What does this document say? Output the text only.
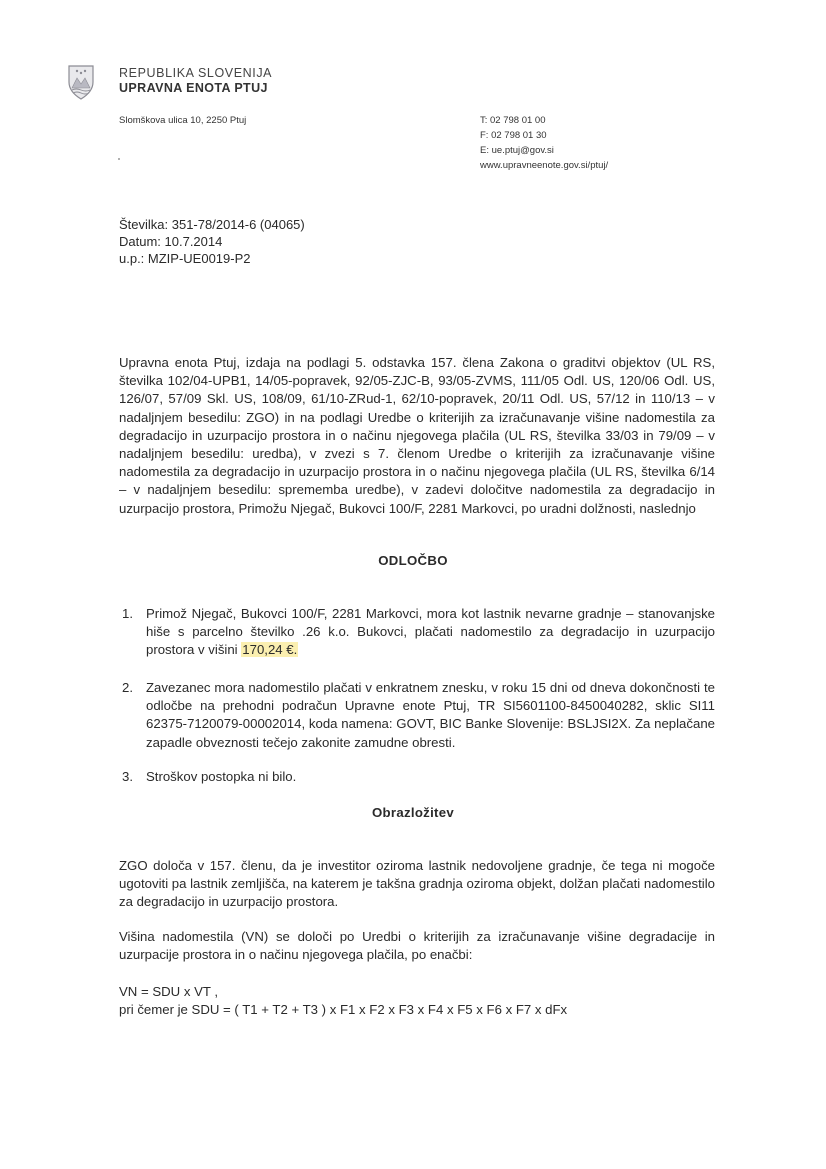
REPUBLIKA SLOVENIJA
UPRAVNA ENOTA PTUJ
Slomškova ulica 10, 2250 Ptuj	T: 02 798 01 00
F: 02 798 01 30
E: ue.ptuj@gov.si
www.upravneenote.gov.si/ptuj/
Številka: 351-78/2014-6 (04065)
Datum: 10.7.2014
u.p.: MZIP-UE0019-P2
Upravna enota Ptuj, izdaja na podlagi 5. odstavka 157. člena Zakona o graditvi objektov (UL RS, številka 102/04-UPB1, 14/05-popravek, 92/05-ZJC-B, 93/05-ZVMS, 111/05 Odl. US, 120/06 Odl. US, 126/07, 57/09 Skl. US, 108/09, 61/10-ZRud-1, 62/10-popravek, 20/11 Odl. US, 57/12 in 110/13 – v nadaljnjem besedilu: ZGO) in na podlagi Uredbe o kriterijih za izračunavanje višine nadomestila za degradacijo in uzurpacijo prostora in o načinu njegovega plačila (UL RS, številka 33/03 in 79/09 – v nadaljnjem besedilu: uredba), v zvezi s 7. členom Uredbe o kriterijih za izračunavanje višine nadomestila za degradacijo in uzurpacijo prostora in o načinu njegovega plačila (UL RS, številka 6/14 – v nadaljnjem besedilu: sprememba uredbe), v zadevi določitve nadomestila za degradacijo in uzurpacijo prostora, Primožu Njegač, Bukovci 100/F, 2281 Markovci, po uradni dolžnosti, naslednjo
ODLOČBO
1. Primož Njegač, Bukovci 100/F, 2281 Markovci, mora kot lastnik nevarne gradnje – stanovanjske hiše s parcelno številko .26 k.o. Bukovci, plačati nadomestilo za degradacijo in uzurpacijo prostora v višini 170,24 €.
2. Zavezanec mora nadomestilo plačati v enkratnem znesku, v roku 15 dni od dneva dokončnosti te odločbe na prehodni podračun Upravne enote Ptuj, TR SI5601100-8450040282, sklic SI11 62375-7120079-00002014, koda namena: GOVT, BIC Banke Slovenije: BSLJSI2X. Za neplačane zapadle obveznosti tečejo zakonite zamudne obresti.
3. Stroškov postopka ni bilo.
Obrazložitev
ZGO določa v 157. členu, da je investitor oziroma lastnik nedovoljene gradnje, če tega ni mogoče ugotoviti pa lastnik zemljišča, na katerem je takšna gradnja oziroma objekt, dolžan plačati nadomestilo za degradacijo in uzurpacijo prostora.
Višina nadomestila (VN) se določi po Uredbi o kriterijih za izračunavanje višine degradacije in uzurpacije prostora in o načinu njegovega plačila, po enačbi:
VN = SDU x VT ,
pri čemer je SDU = ( T1 + T2 + T3 ) x F1 x F2 x F3 x F4 x F5 x F6 x F7 x dFx
